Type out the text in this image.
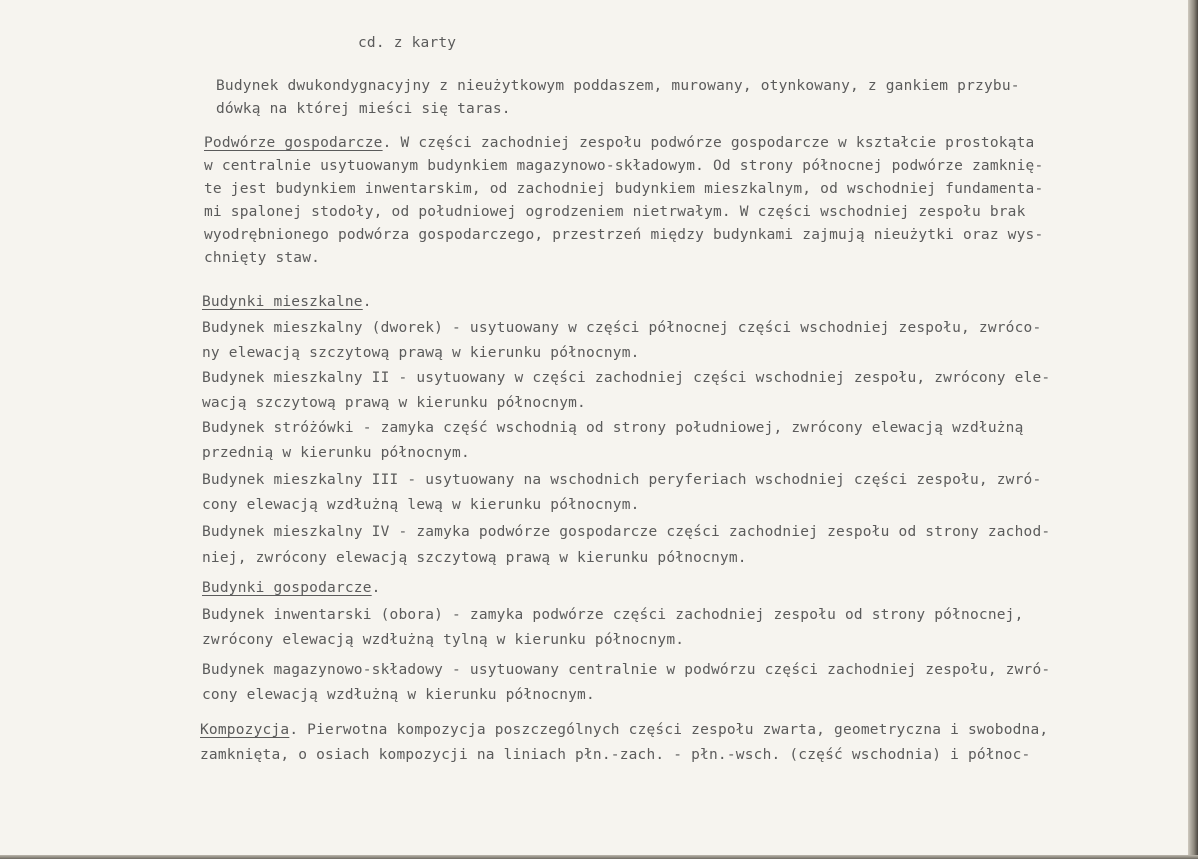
cd. z karty
Budynek dwukondygnacyjny z nieużytkowym poddaszem, murowany, otynkowany, z gankiem przybu-
dówką na której mieści się taras.
Podwórze gospodarcze. W części zachodniej zespołu podwórze gospodarcze w kształcie prostokąta
w centralnie usytuowanym budynkiem magazynowo-składowym. Od strony północnej podwórze zamknię-
te jest budynkiem inwentarskim, od zachodniej budynkiem mieszkalnym, od wschodniej fundamenta-
mi spalonej stodoły, od południowej ogrodzeniem nietrwałym. W części wschodniej zespołu brak
wyodrębnionego podwórza gospodarczego, przestrzeń między budynkami zajmują nieużytki oraz wys-
chnięty staw.
Budynki mieszkalne.
Budynek mieszkalny (dworek) - usytuowany w części północnej części wschodniej zespołu, zwróco-
ny elewacją szczytową prawą w kierunku północnym.
Budynek mieszkalny II - usytuowany w części zachodniej części wschodniej zespołu, zwrócony ele-
wacją szczytową prawą w kierunku północnym.
Budynek stróżówki - zamyka część wschodnią od strony południowej, zwrócony elewacją wzdłużną
przednią w kierunku północnym.
Budynek mieszkalny III - usytuowany na wschodnich peryferiach wschodniej części zespołu, zwró-
cony elewacją wzdłużną lewą w kierunku północnym.
Budynek mieszkalny IV - zamyka podwórze gospodarcze części zachodniej zespołu od strony zachod-
niej, zwrócony elewacją szczytową prawą w kierunku północnym.
Budynki gospodarcze.
Budynek inwentarski (obora) - zamyka podwórze części zachodniej zespołu od strony północnej,
zwrócony elewacją wzdłużną tylną w kierunku północnym.
Budynek magazynowo-składowy - usytuowany centralnie w podwórzu części zachodniej zespołu, zwró-
cony elewacją wzdłużną w kierunku północnym.
Kompozycja. Pierwotna kompozycja poszczególnych części zespołu zwarta, geometryczna i swobodna,
zamknięta, o osiach kompozycji na liniach płn.-zach. - płn.-wsch. (część wschodnia) i północ-
